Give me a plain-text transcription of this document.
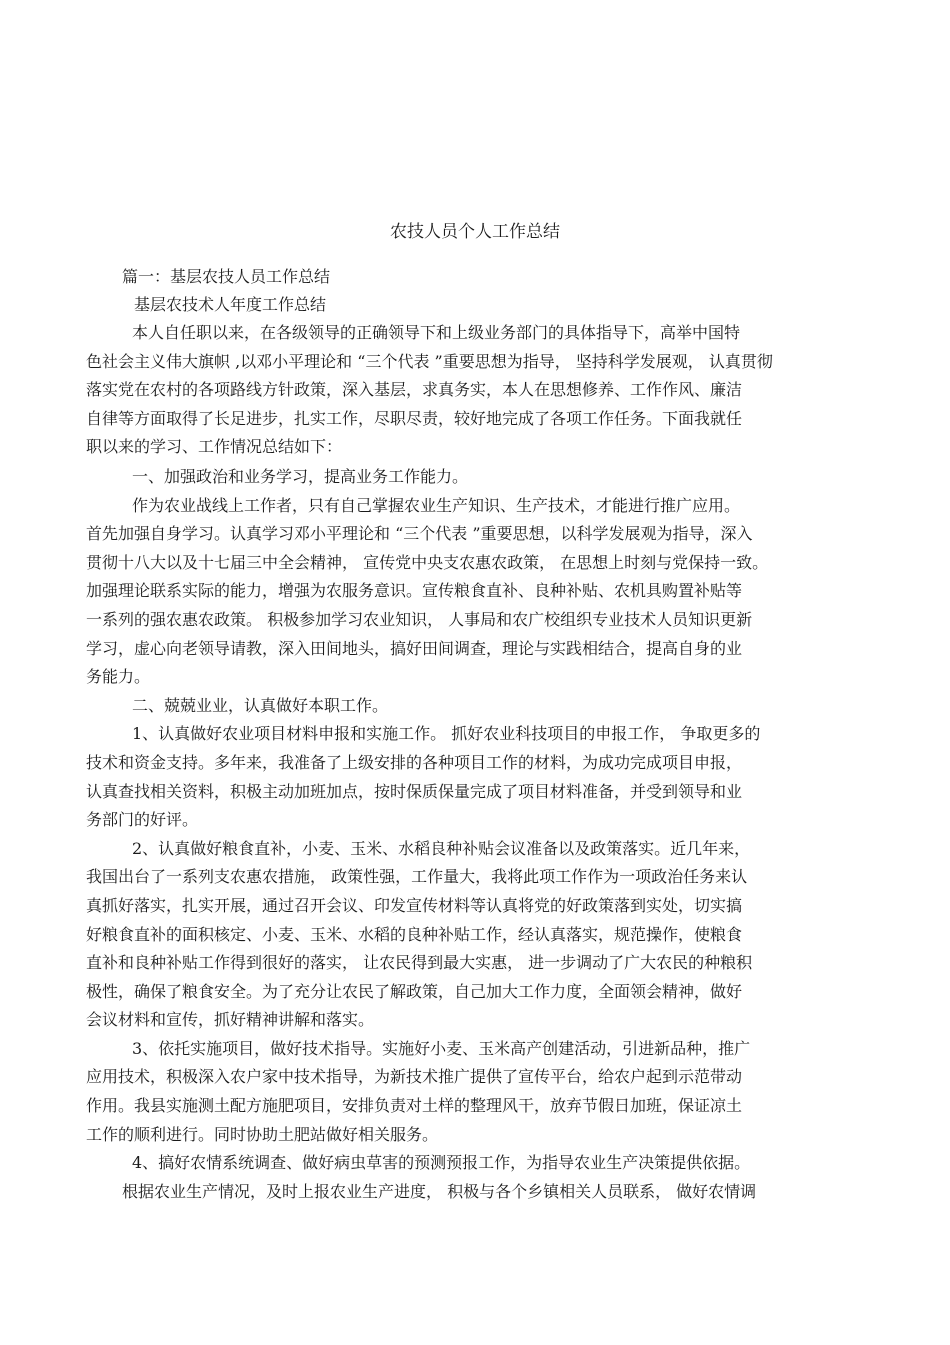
农技人员个人工作总结
篇一：基层农技人员工作总结
基层农技术人年度工作总结
本人自任职以来，在各级领导的正确领导下和上级业务部门的具体指导下，高举中国特
色社会主义伟大旗帜 ,以邓小平理论和 “三个代表 ”重要思想为指导， 坚持科学发展观， 认真贯彻
落实党在农村的各项路线方针政策，深入基层，求真务实，本人在思想修养、工作作风、廉洁
自律等方面取得了长足进步，扎实工作，尽职尽责，较好地完成了各项工作任务。下面我就任
职以来的学习、工作情况总结如下：
一、加强政治和业务学习，提高业务工作能力。
作为农业战线上工作者，只有自己掌握农业生产知识、生产技术，才能进行推广应用。
首先加强自身学习。认真学习邓小平理论和 “三个代表 ”重要思想，以科学发展观为指导，深入
贯彻十八大以及十七届三中全会精神， 宣传党中央支农惠农政策， 在思想上时刻与党保持一致。
加强理论联系实际的能力，增强为农服务意识。宣传粮食直补、良种补贴、农机具购置补贴等
一系列的强农惠农政策。 积极参加学习农业知识， 人事局和农广校组织专业技术人员知识更新
学习，虚心向老领导请教，深入田间地头，搞好田间调查，理论与实践相结合，提高自身的业
务能力。
二、兢兢业业，认真做好本职工作。
1、认真做好农业项目材料申报和实施工作。 抓好农业科技项目的申报工作， 争取更多的
技术和资金支持。多年来，我准备了上级安排的各种项目工作的材料，为成功完成项目申报，
认真查找相关资料，积极主动加班加点，按时保质保量完成了项目材料准备，并受到领导和业
务部门的好评。
2、认真做好粮食直补，小麦、玉米、水稻良种补贴会议准备以及政策落实。近几年来，
我国出台了一系列支农惠农措施， 政策性强，工作量大，我将此项工作作为一项政治任务来认
真抓好落实，扎实开展，通过召开会议、印发宣传材料等认真将党的好政策落到实处，切实搞
好粮食直补的面积核定、小麦、玉米、水稻的良种补贴工作，经认真落实，规范操作，使粮食
直补和良种补贴工作得到很好的落实， 让农民得到最大实惠， 进一步调动了广大农民的种粮积
极性，确保了粮食安全。为了充分让农民了解政策，自己加大工作力度，全面领会精神，做好
会议材料和宣传，抓好精神讲解和落实。
3、依托实施项目，做好技术指导。实施好小麦、玉米高产创建活动，引进新品种，推广
应用技术，积极深入农户家中技术指导，为新技术推广提供了宣传平台，给农户起到示范带动
作用。我县实施测土配方施肥项目，安排负责对土样的整理风干，放弃节假日加班，保证凉土
工作的顺利进行。同时协助土肥站做好相关服务。
4、搞好农情系统调查、做好病虫草害的预测预报工作，为指导农业生产决策提供依据。
根据农业生产情况，及时上报农业生产进度， 积极与各个乡镇相关人员联系， 做好农情调
